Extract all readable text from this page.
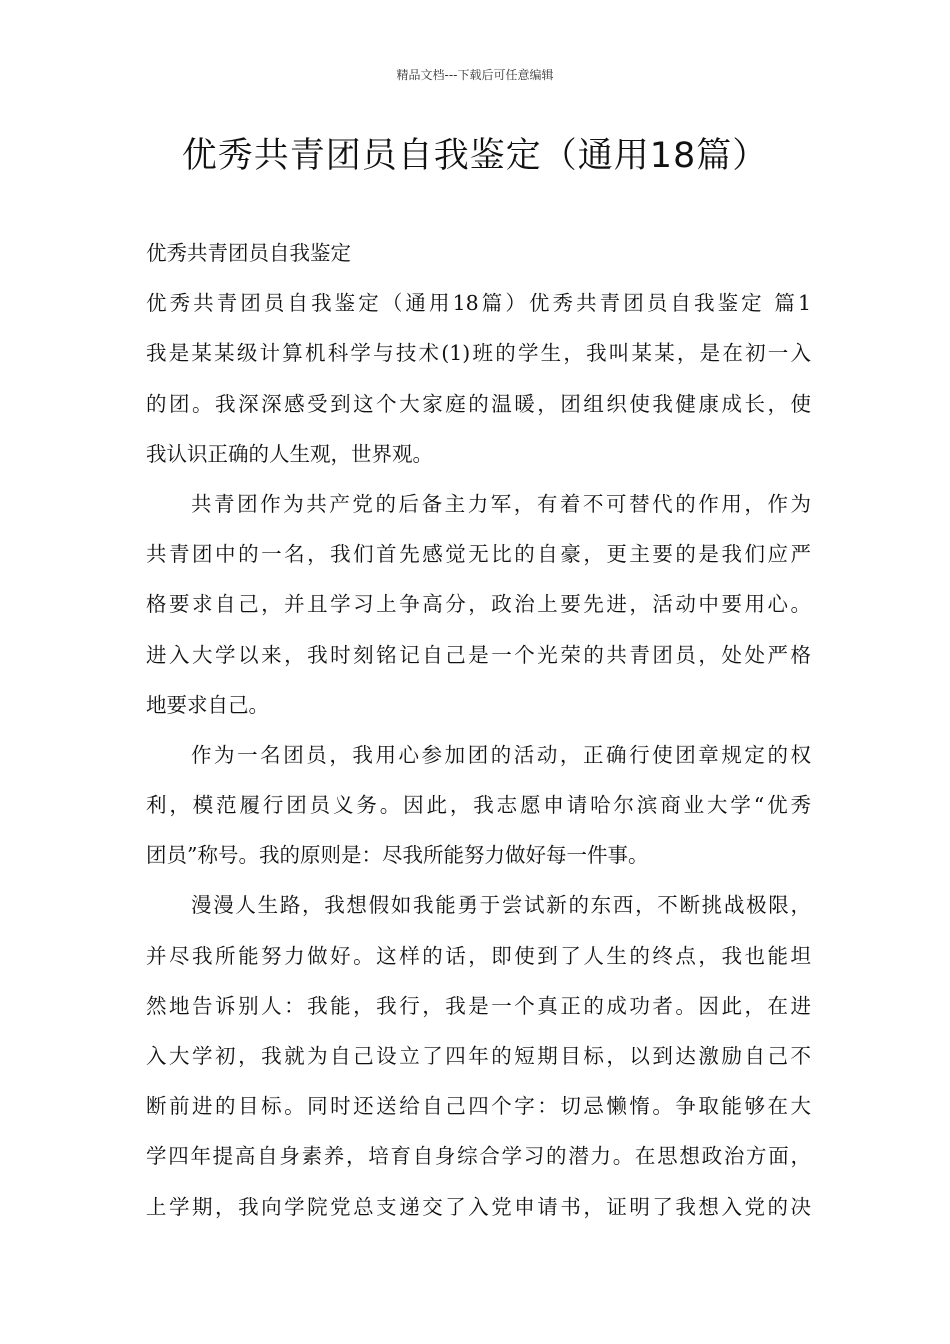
精品文档---下载后可任意编辑
优秀共青团员自我鉴定（通用18篇）
优秀共青团员自我鉴定
优秀共青团员自我鉴定（通用18篇）优秀共青团员自我鉴定 篇1
我是某某级计算机科学与技术(1)班的学生，我叫某某，是在初一入
的团。我深深感受到这个大家庭的温暖，团组织使我健康成长，使
我认识正确的人生观，世界观。
共青团作为共产党的后备主力军，有着不可替代的作用，作为
共青团中的一名，我们首先感觉无比的自豪，更主要的是我们应严
格要求自己，并且学习上争高分，政治上要先进，活动中要用心。
进入大学以来，我时刻铭记自己是一个光荣的共青团员，处处严格
地要求自己。
作为一名团员，我用心参加团的活动，正确行使团章规定的权
利，模范履行团员义务。因此，我志愿申请哈尔滨商业大学“优秀
团员”称号。我的原则是：尽我所能努力做好每一件事。
漫漫人生路，我想假如我能勇于尝试新的东西，不断挑战极限，
并尽我所能努力做好。这样的话，即使到了人生的终点，我也能坦
然地告诉别人：我能，我行，我是一个真正的成功者。因此，在进
入大学初，我就为自己设立了四年的短期目标，以到达激励自己不
断前进的目标。同时还送给自己四个字：切忌懒惰。争取能够在大
学四年提高自身素养，培育自身综合学习的潜力。在思想政治方面，
上学期，我向学院党总支递交了入党申请书，证明了我想入党的决
